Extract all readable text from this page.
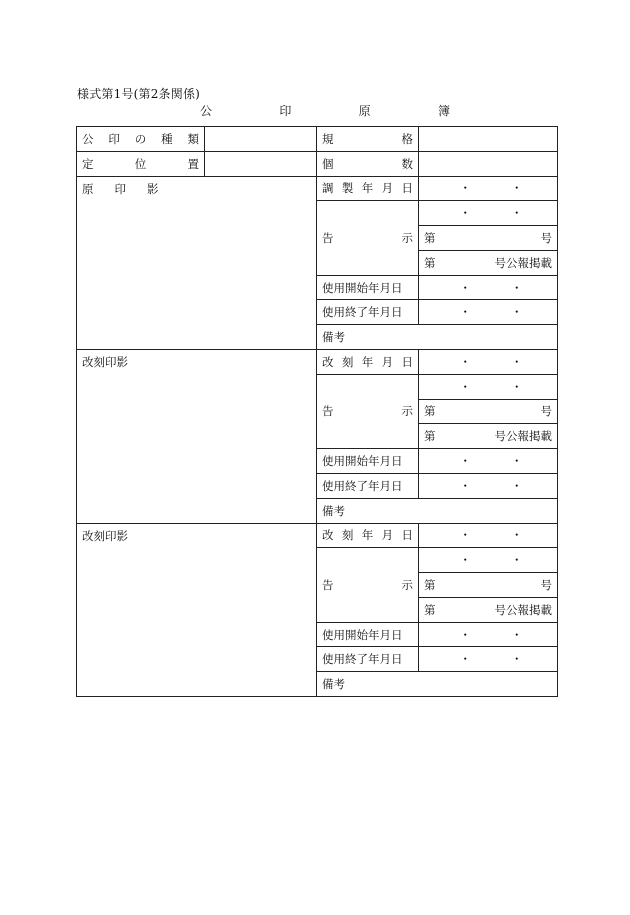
様式第1号(第2条関係)
公	印	原	簿
公 印 の 種 類		規 格	

定 位 置		個 数	

原 印 影		調 製 年 月 日	・ ・

		告 示	・ ・

			第 号

			第 号公報掲載

		使用開始年月日	・ ・

		使用終了年月日	・ ・

		備考	
改刻印影		改 刻 年 月 日	・ ・

		告 示	・ ・

			第 号

			第 号公報掲載

		使用開始年月日	・ ・

		使用終了年月日	・ ・

		備考	
改刻印影		改 刻 年 月 日	・ ・

		告 示	・ ・

			第 号

			第 号公報掲載

		使用開始年月日	・ ・

		使用終了年月日	・ ・

		備考	
